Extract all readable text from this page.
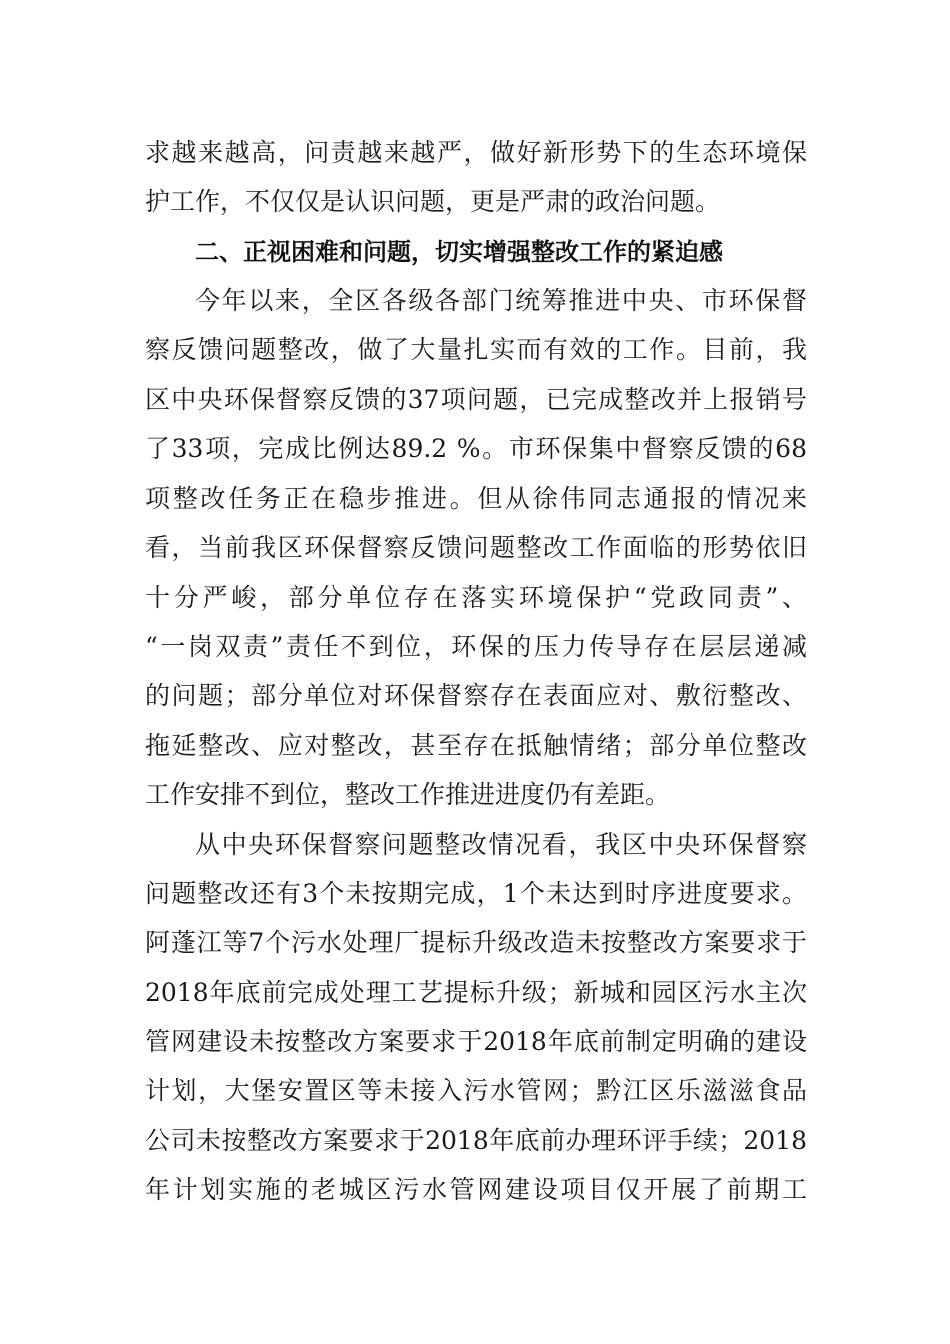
求越来越高，问责越来越严，做好新形势下的生态环境保
护工作，不仅仅是认识问题，更是严肃的政治问题。
二、正视困难和问题，切实增强整改工作的紧迫感
今年以来，全区各级各部门统筹推进中央、市环保督
察反馈问题整改，做了大量扎实而有效的工作。目前，我
区中央环保督察反馈的37项问题，已完成整改并上报销号
了33项，完成比例达89.2 %。市环保集中督察反馈的68
项整改任务正在稳步推进。但从徐伟同志通报的情况来
看，当前我区环保督察反馈问题整改工作面临的形势依旧
十分严峻，部分单位存在落实环境保护“党政同责”、
“一岗双责”责任不到位，环保的压力传导存在层层递减
的问题；部分单位对环保督察存在表面应对、敷衍整改、
拖延整改、应对整改，甚至存在抵触情绪；部分单位整改
工作安排不到位，整改工作推进进度仍有差距。
从中央环保督察问题整改情况看，我区中央环保督察
问题整改还有3个未按期完成，1个未达到时序进度要求。
阿蓬江等7个污水处理厂提标升级改造未按整改方案要求于
2018年底前完成处理工艺提标升级；新城和园区污水主次
管网建设未按整改方案要求于2018年底前制定明确的建设
计划，大堡安置区等未接入污水管网；黔江区乐滋滋食品
公司未按整改方案要求于2018年底前办理环评手续；2018
年计划实施的老城区污水管网建设项目仅开展了前期工
